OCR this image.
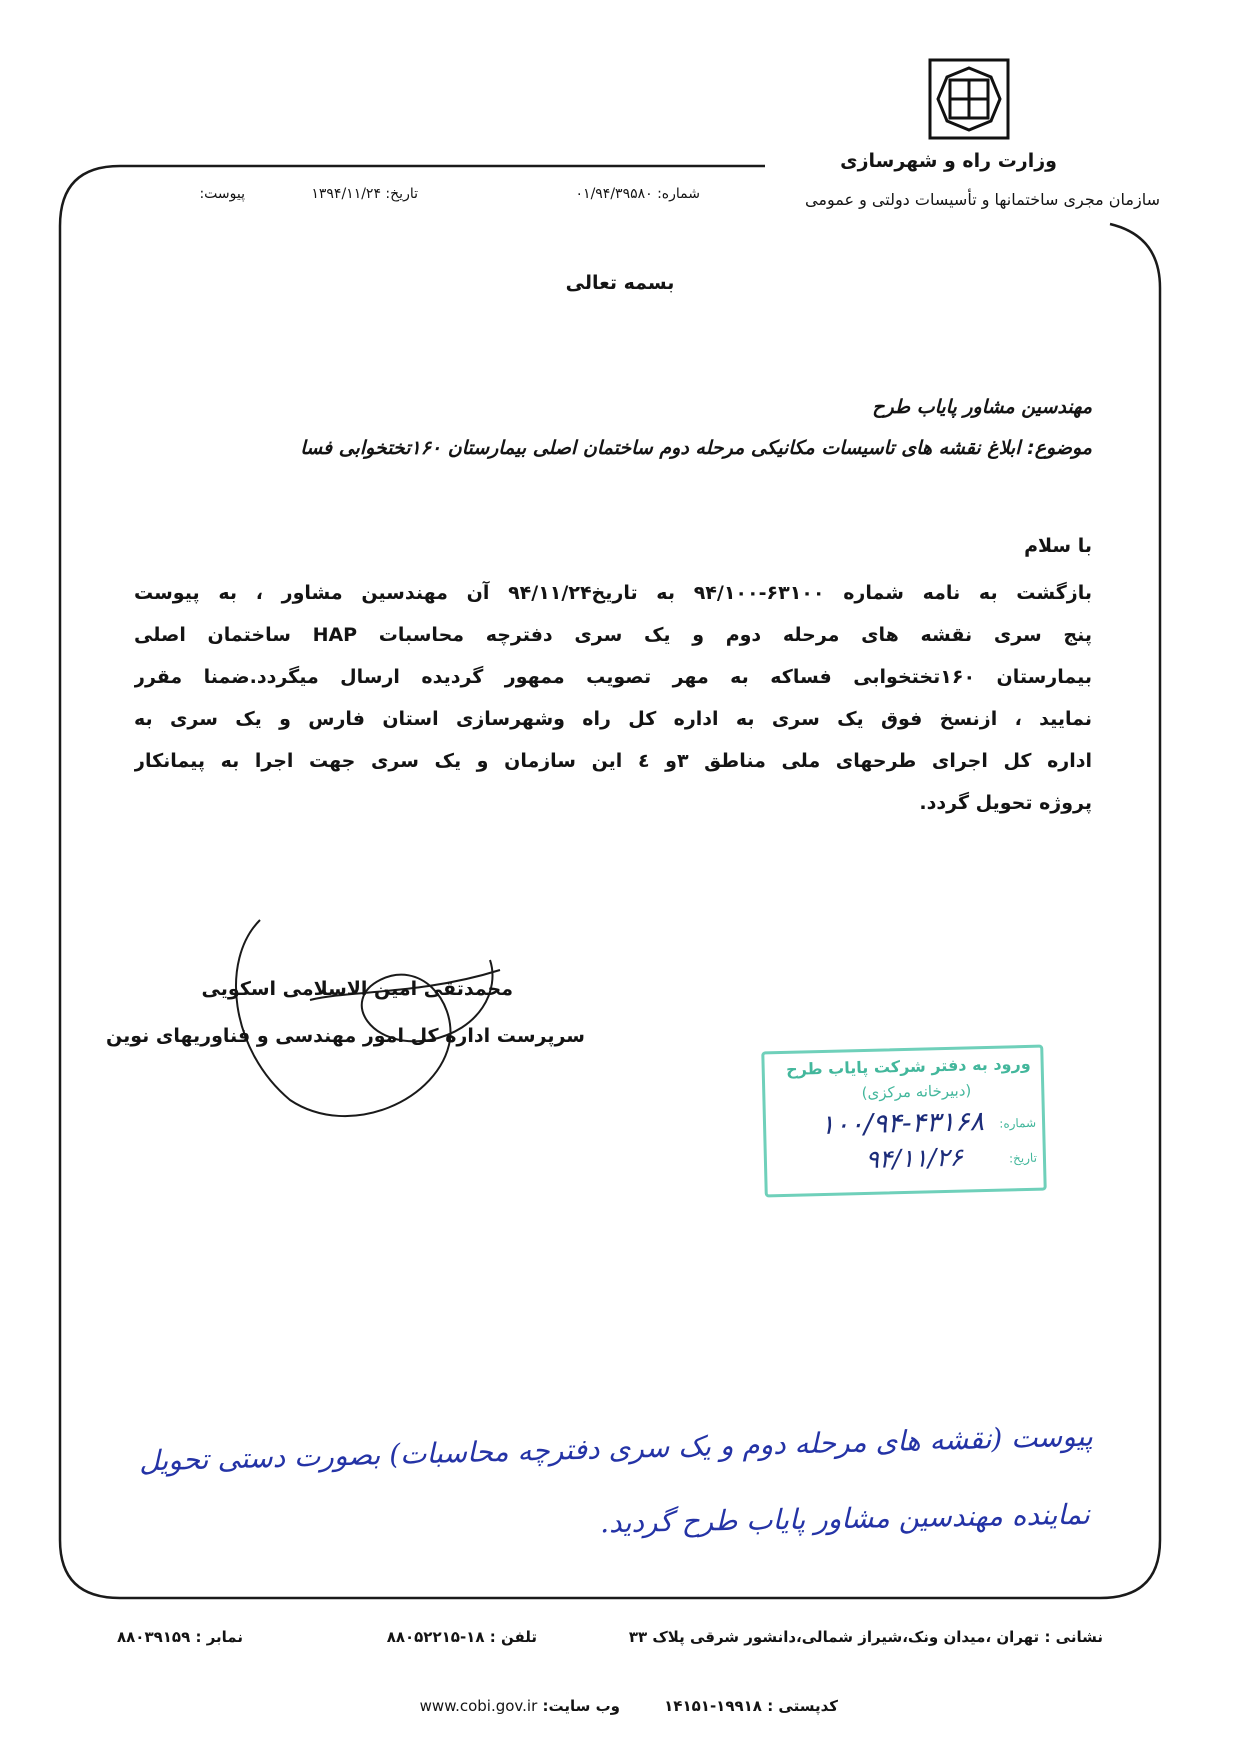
وزارت راه و شهرسازی
سازمان مجری ساختمانها و تأسیسات دولتی و عمومی
شماره: ۰۱/۹۴/۳۹۵۸۰
تاریخ: ۱۳۹۴/۱۱/۲۴
پیوست:
بسمه تعالی
مهندسین مشاور پایاب طرح
موضوع: ابلاغ نقشه های تاسیسات مکانیکی مرحله دوم ساختمان اصلی بیمارستان ۱۶۰تختخوابی فسا
با سلام
بازگشت به نامه شماره ۶۳۱۰۰-۹۴/۱۰۰ به تاریخ۹۴/۱۱/۲۴ آن مهندسین مشاور ، به پیوست
پنج سری نقشه های مرحله دوم و یک سری دفترچه محاسبات HAP ساختمان اصلی
بیمارستان ۱۶۰تختخوابی فساکه به مهر تصویب ممهور گردیده ارسال میگردد.ضمنا مقرر
نمایید ، ازنسخ فوق یک سری به اداره کل راه وشهرسازی استان فارس و یک سری به
اداره کل اجرای طرحهای ملی مناطق ۳و ٤ این سازمان و یک سری جهت اجرا به پیمانکار
پروژه تحویل گردد.
محمدتقی امین الاسلامی اسکویی
سرپرست اداره کل امور مهندسی و فناوریهای نوین
ورود به دفتر شرکت پایاب طرح
(دبیرخانه مرکزی)
شماره:
۱۰۰/۹۴-۴۳۱۶۸
تاریخ:
۹۴/۱۱/۲۶
پیوست (نقشه های مرحله دوم و یک سری دفترچه محاسبات) بصورت دستی تحویل
نماینده مهندسین مشاور پایاب طرح گردید.
نشانی : تهران ،میدان ونک،شیراز شمالی،دانشور شرقی پلاک ۳۳
تلفن : ۱۸-۸۸۰۵۲۲۱۵
نمابر : ۸۸۰۳۹۱۵۹
کدپستی : ۱۹۹۱۸-۱۴۱۵۱
وب سایت: www.cobi.gov.ir
